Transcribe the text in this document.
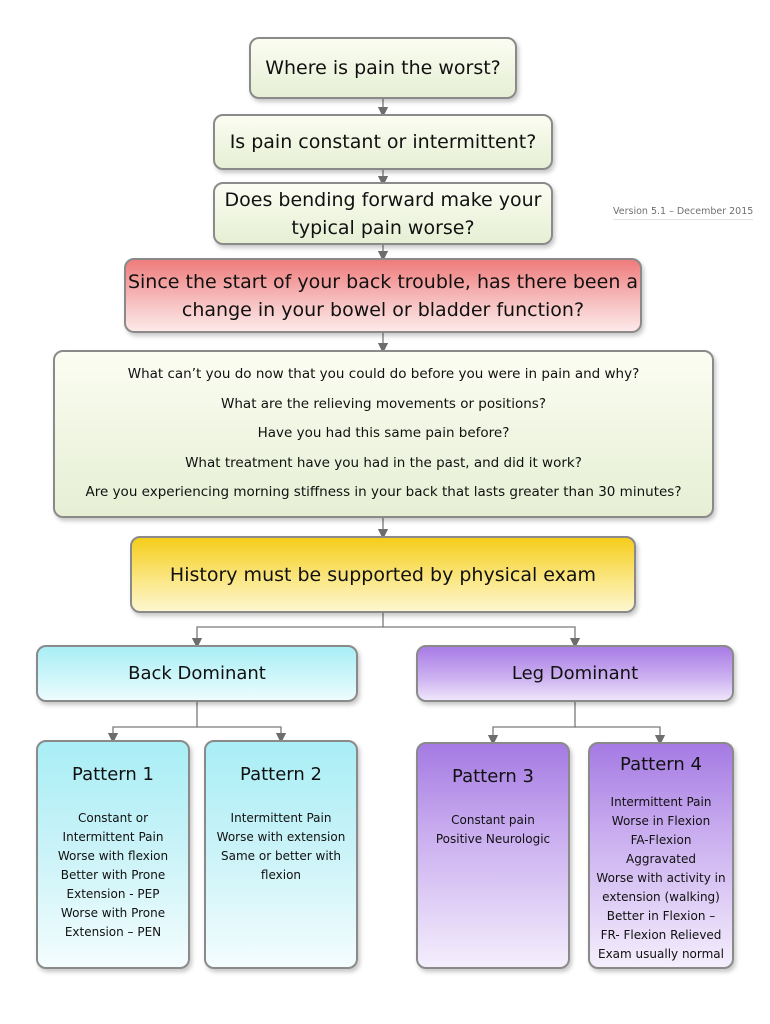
Where is pain the worst?
Is pain constant or intermittent?
Does bending forward make your
typical pain worse?
Version 5.1 – December 2015
Since the start of your back trouble, has there been a
change in your bowel or bladder function?
What can’t you do now that you could do before you were in pain and why?
What are the relieving movements or positions?
Have you had this same pain before?
What treatment have you had in the past, and did it work?
Are you experiencing morning stiffness in your back that lasts greater than 30 minutes?
History must be supported by physical exam
Back Dominant	Leg Dominant
Pattern 1
Constant or
Intermittent Pain
Worse with flexion
Better with Prone
Extension - PEP
Worse with Prone
Extension – PEN
Pattern 2
Intermittent Pain
Worse with extension
Same or better with
flexion
Pattern 3
Constant pain
Positive Neurologic
Pattern 4
Intermittent Pain
Worse in Flexion
FA-Flexion
Aggravated
Worse with activity in
extension (walking)
Better in Flexion –
FR- Flexion Relieved
Exam usually normal
